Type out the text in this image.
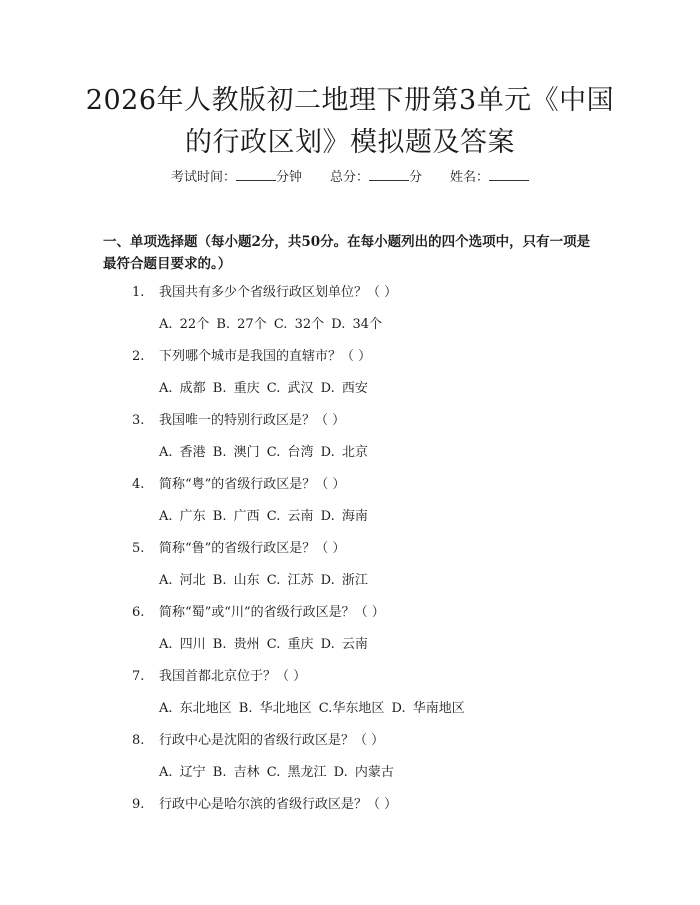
2026年人教版初二地理下册第3单元《中国
的行政区划》模拟题及答案
考试时间：	分钟 总分：	分 姓名：
一、单项选择题（每小题2分，共50分。在每小题列出的四个选项中，只有一项是最符合题目要求的。）
1. 我国共有多少个省级行政区划单位？（ ）
A. 22个 B. 27个 C. 32个 D. 34个
2. 下列哪个城市是我国的直辖市？（ ）
A. 成都 B. 重庆 C. 武汉 D. 西安
3. 我国唯一的特别行政区是？（ ）
A. 香港 B. 澳门 C. 台湾 D. 北京
4. 简称“粤”的省级行政区是？（ ）
A. 广东 B. 广西 C. 云南 D. 海南
5. 简称“鲁”的省级行政区是？（ ）
A. 河北 B. 山东 C. 江苏 D. 浙江
6. 简称“蜀”或“川”的省级行政区是？（ ）
A. 四川 B. 贵州 C. 重庆 D. 云南
7. 我国首都北京位于？（ ）
A. 东北地区 B. 华北地区 C.华东地区 D. 华南地区
8. 行政中心是沈阳的省级行政区是？（ ）
A. 辽宁 B. 吉林 C. 黑龙江 D. 内蒙古
9. 行政中心是哈尔滨的省级行政区是？（ ）
